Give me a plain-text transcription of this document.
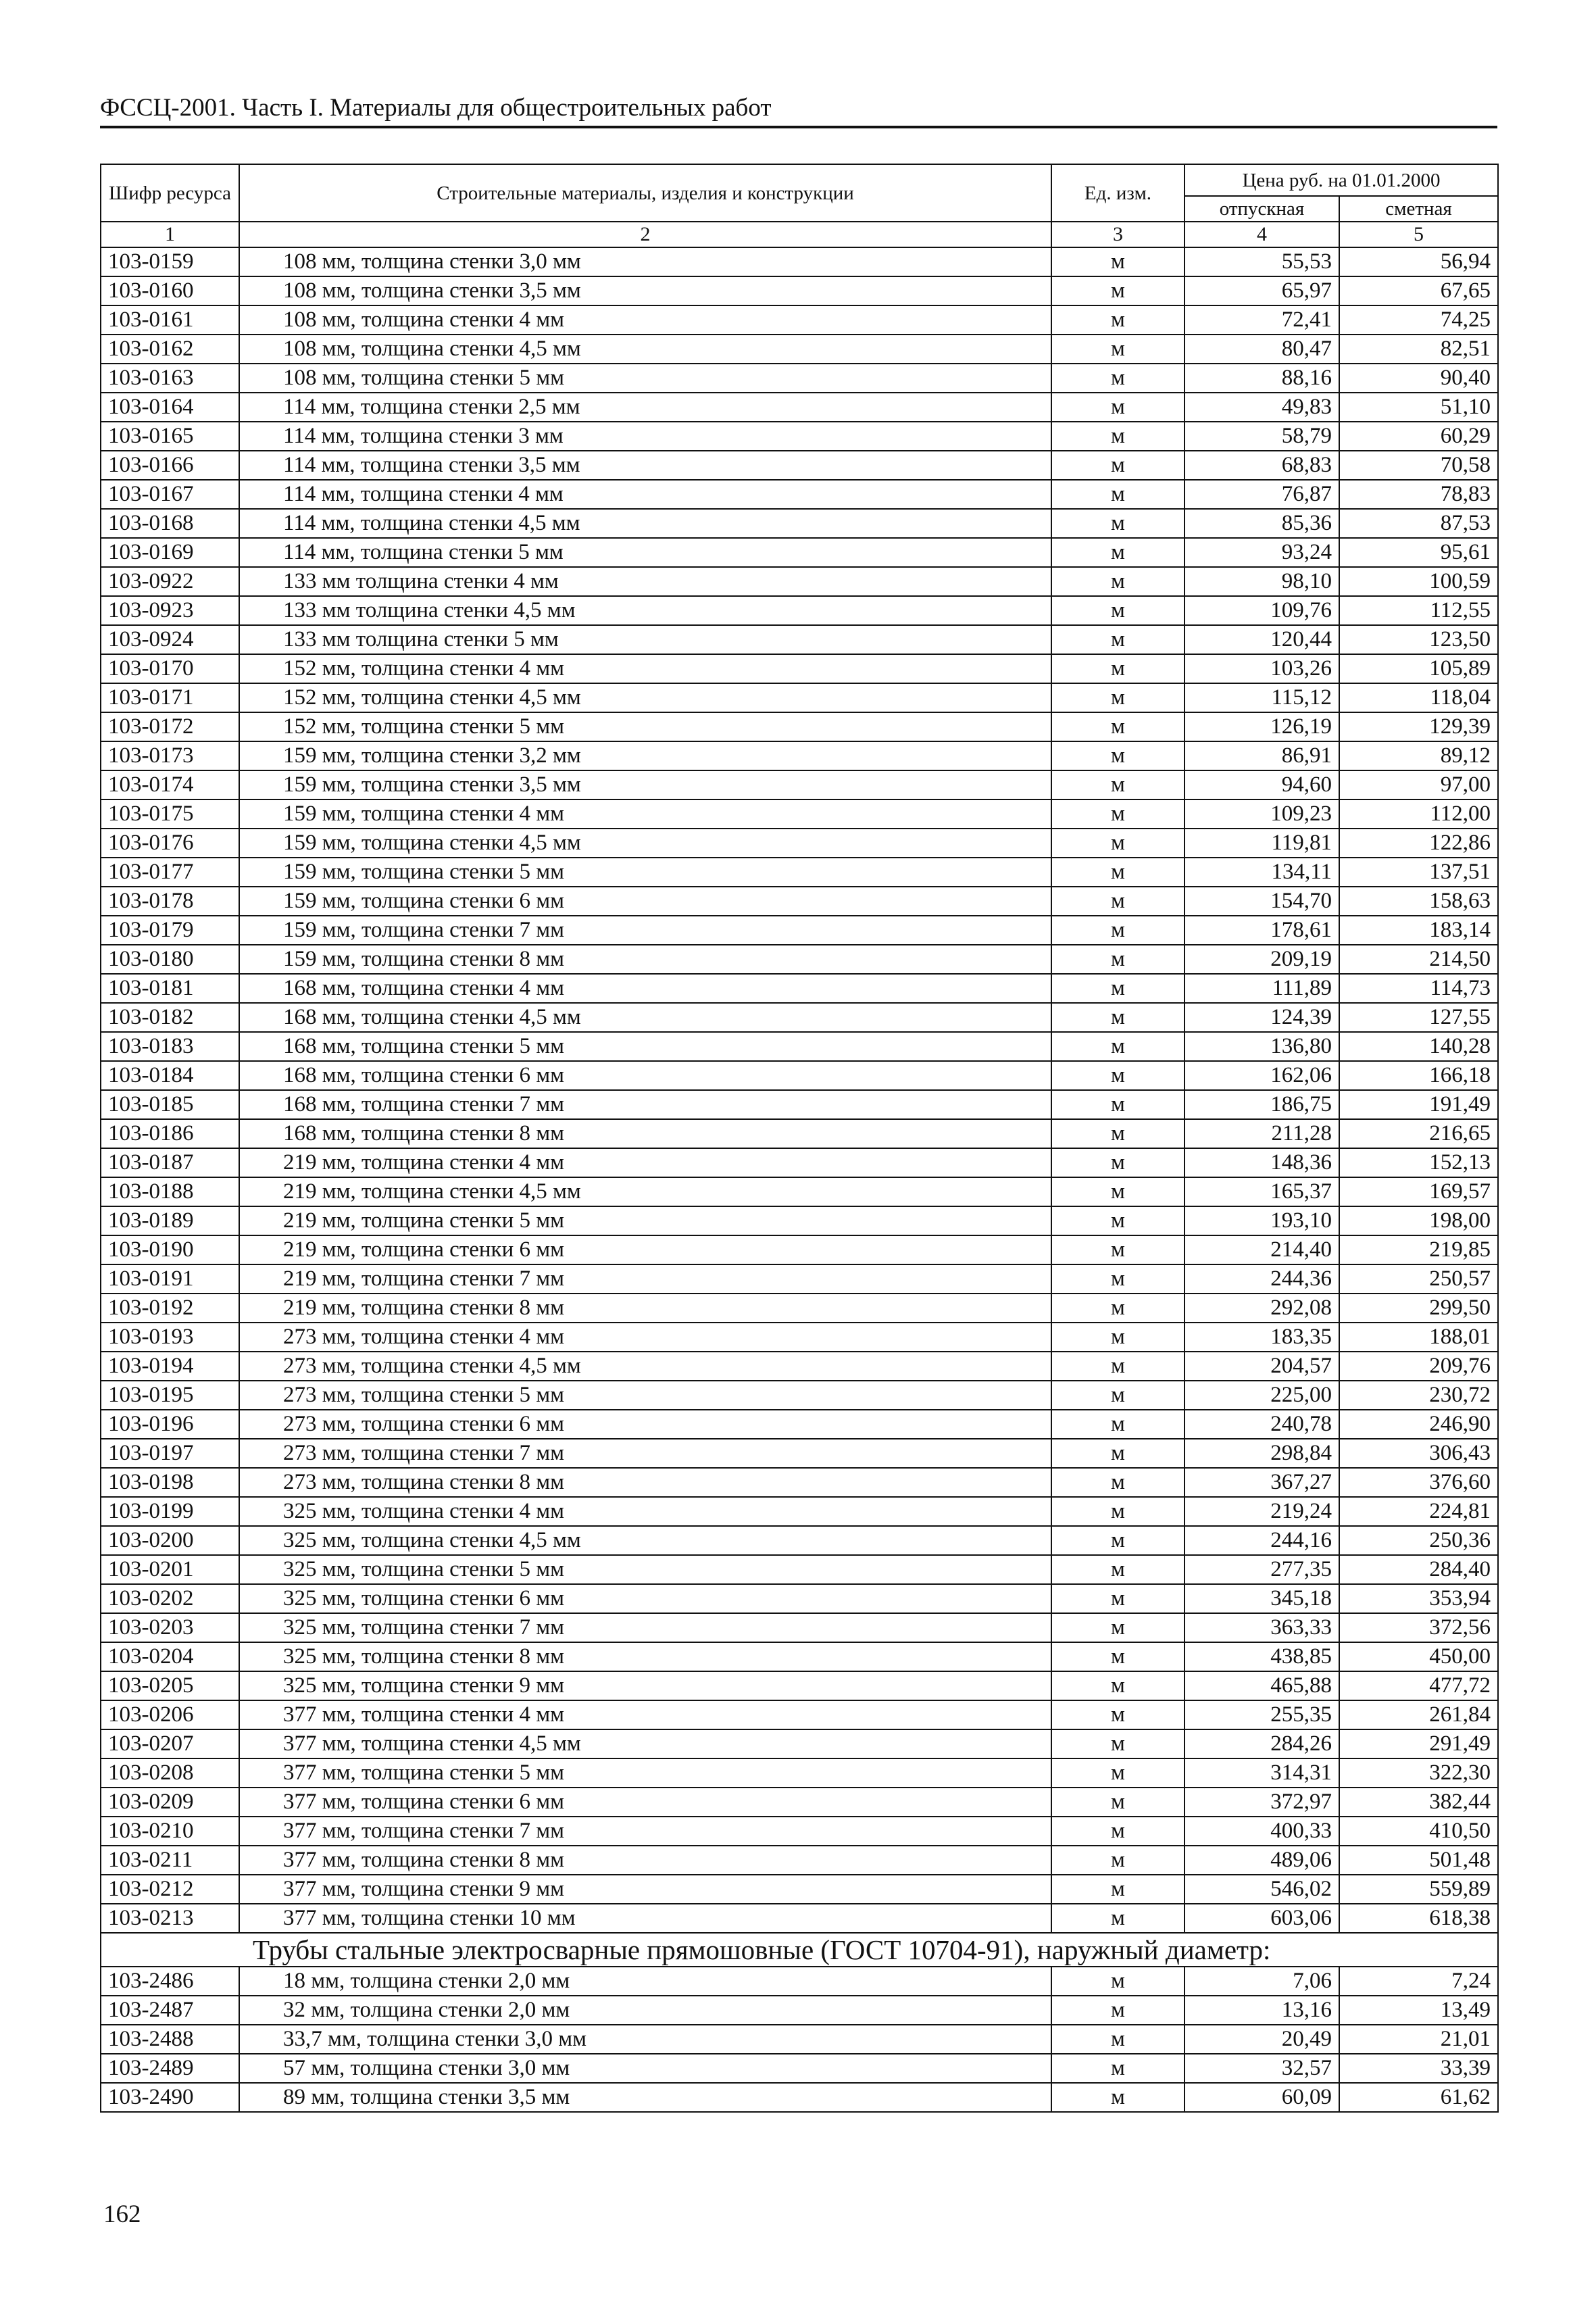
ФССЦ-2001. Часть I. Материалы для общестроительных работ
Шифр ресурса	Строительные материалы, изделия и конструкции	Ед. изм.	Цена руб. на 01.01.2000	
			отпускная	сметная
1	2	3	4	5
103-0159	108 мм, толщина стенки 3,0 мм	м	55,53	56,94
103-0160	108 мм, толщина стенки 3,5 мм	м	65,97	67,65
103-0161	108 мм, толщина стенки 4 мм	м	72,41	74,25
103-0162	108 мм, толщина стенки 4,5 мм	м	80,47	82,51
103-0163	108 мм, толщина стенки 5 мм	м	88,16	90,40
103-0164	114 мм, толщина стенки 2,5 мм	м	49,83	51,10
103-0165	114 мм, толщина стенки 3 мм	м	58,79	60,29
103-0166	114 мм, толщина стенки 3,5 мм	м	68,83	70,58
103-0167	114 мм, толщина стенки 4 мм	м	76,87	78,83
103-0168	114 мм, толщина стенки 4,5 мм	м	85,36	87,53
103-0169	114 мм, толщина стенки 5 мм	м	93,24	95,61
103-0922	133 мм толщина стенки 4 мм	м	98,10	100,59
103-0923	133 мм толщина стенки 4,5 мм	м	109,76	112,55
103-0924	133 мм толщина стенки 5 мм	м	120,44	123,50
103-0170	152 мм, толщина стенки 4 мм	м	103,26	105,89
103-0171	152 мм, толщина стенки 4,5 мм	м	115,12	118,04
103-0172	152 мм, толщина стенки 5 мм	м	126,19	129,39
103-0173	159 мм, толщина стенки 3,2 мм	м	86,91	89,12
103-0174	159 мм, толщина стенки 3,5 мм	м	94,60	97,00
103-0175	159 мм, толщина стенки 4 мм	м	109,23	112,00
103-0176	159 мм, толщина стенки 4,5 мм	м	119,81	122,86
103-0177	159 мм, толщина стенки 5 мм	м	134,11	137,51
103-0178	159 мм, толщина стенки 6 мм	м	154,70	158,63
103-0179	159 мм, толщина стенки 7 мм	м	178,61	183,14
103-0180	159 мм, толщина стенки 8 мм	м	209,19	214,50
103-0181	168 мм, толщина стенки 4 мм	м	111,89	114,73
103-0182	168 мм, толщина стенки 4,5 мм	м	124,39	127,55
103-0183	168 мм, толщина стенки 5 мм	м	136,80	140,28
103-0184	168 мм, толщина стенки 6 мм	м	162,06	166,18
103-0185	168 мм, толщина стенки 7 мм	м	186,75	191,49
103-0186	168 мм, толщина стенки 8 мм	м	211,28	216,65
103-0187	219 мм, толщина стенки 4 мм	м	148,36	152,13
103-0188	219 мм, толщина стенки 4,5 мм	м	165,37	169,57
103-0189	219 мм, толщина стенки 5 мм	м	193,10	198,00
103-0190	219 мм, толщина стенки 6 мм	м	214,40	219,85
103-0191	219 мм, толщина стенки 7 мм	м	244,36	250,57
103-0192	219 мм, толщина стенки 8 мм	м	292,08	299,50
103-0193	273 мм, толщина стенки 4 мм	м	183,35	188,01
103-0194	273 мм, толщина стенки 4,5 мм	м	204,57	209,76
103-0195	273 мм, толщина стенки 5 мм	м	225,00	230,72
103-0196	273 мм, толщина стенки 6 мм	м	240,78	246,90
103-0197	273 мм, толщина стенки 7 мм	м	298,84	306,43
103-0198	273 мм, толщина стенки 8 мм	м	367,27	376,60
103-0199	325 мм, толщина стенки 4 мм	м	219,24	224,81
103-0200	325 мм, толщина стенки 4,5 мм	м	244,16	250,36
103-0201	325 мм, толщина стенки 5 мм	м	277,35	284,40
103-0202	325 мм, толщина стенки 6 мм	м	345,18	353,94
103-0203	325 мм, толщина стенки 7 мм	м	363,33	372,56
103-0204	325 мм, толщина стенки 8 мм	м	438,85	450,00
103-0205	325 мм, толщина стенки 9 мм	м	465,88	477,72
103-0206	377 мм, толщина стенки 4 мм	м	255,35	261,84
103-0207	377 мм, толщина стенки 4,5 мм	м	284,26	291,49
103-0208	377 мм, толщина стенки 5 мм	м	314,31	322,30
103-0209	377 мм, толщина стенки 6 мм	м	372,97	382,44
103-0210	377 мм, толщина стенки 7 мм	м	400,33	410,50
103-0211	377 мм, толщина стенки 8 мм	м	489,06	501,48
103-0212	377 мм, толщина стенки 9 мм	м	546,02	559,89
103-0213	377 мм, толщина стенки 10 мм	м	603,06	618,38
Трубы стальные электросварные прямошовные (ГОСТ 10704-91), наружный диаметр:				
103-2486	18 мм, толщина стенки 2,0 мм	м	7,06	7,24
103-2487	32 мм, толщина стенки 2,0 мм	м	13,16	13,49
103-2488	33,7 мм, толщина стенки 3,0 мм	м	20,49	21,01
103-2489	57 мм, толщина стенки 3,0 мм	м	32,57	33,39
103-2490	89 мм, толщина стенки 3,5 мм	м	60,09	61,62
162
